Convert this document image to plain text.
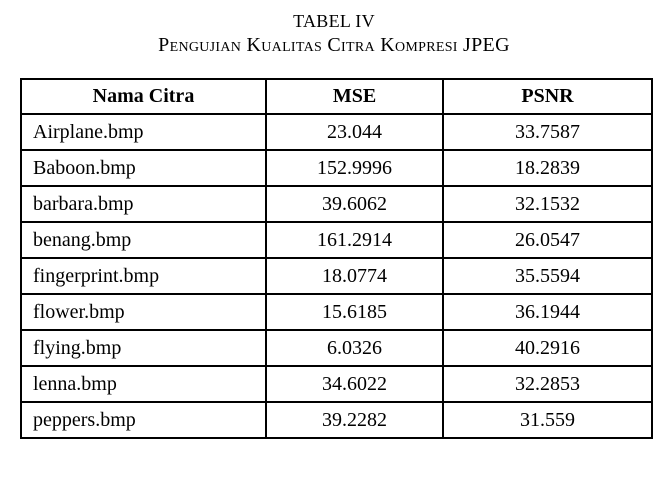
TABEL IV
Pengujian Kualitas Citra Kompresi JPEG
Nama Citra	MSE	PSNR
Airplane.bmp	23.044	33.7587
Baboon.bmp	152.9996	18.2839
barbara.bmp	39.6062	32.1532
benang.bmp	161.2914	26.0547
fingerprint.bmp	18.0774	35.5594
flower.bmp	15.6185	36.1944
flying.bmp	6.0326	40.2916
lenna.bmp	34.6022	32.2853
peppers.bmp	39.2282	31.559
